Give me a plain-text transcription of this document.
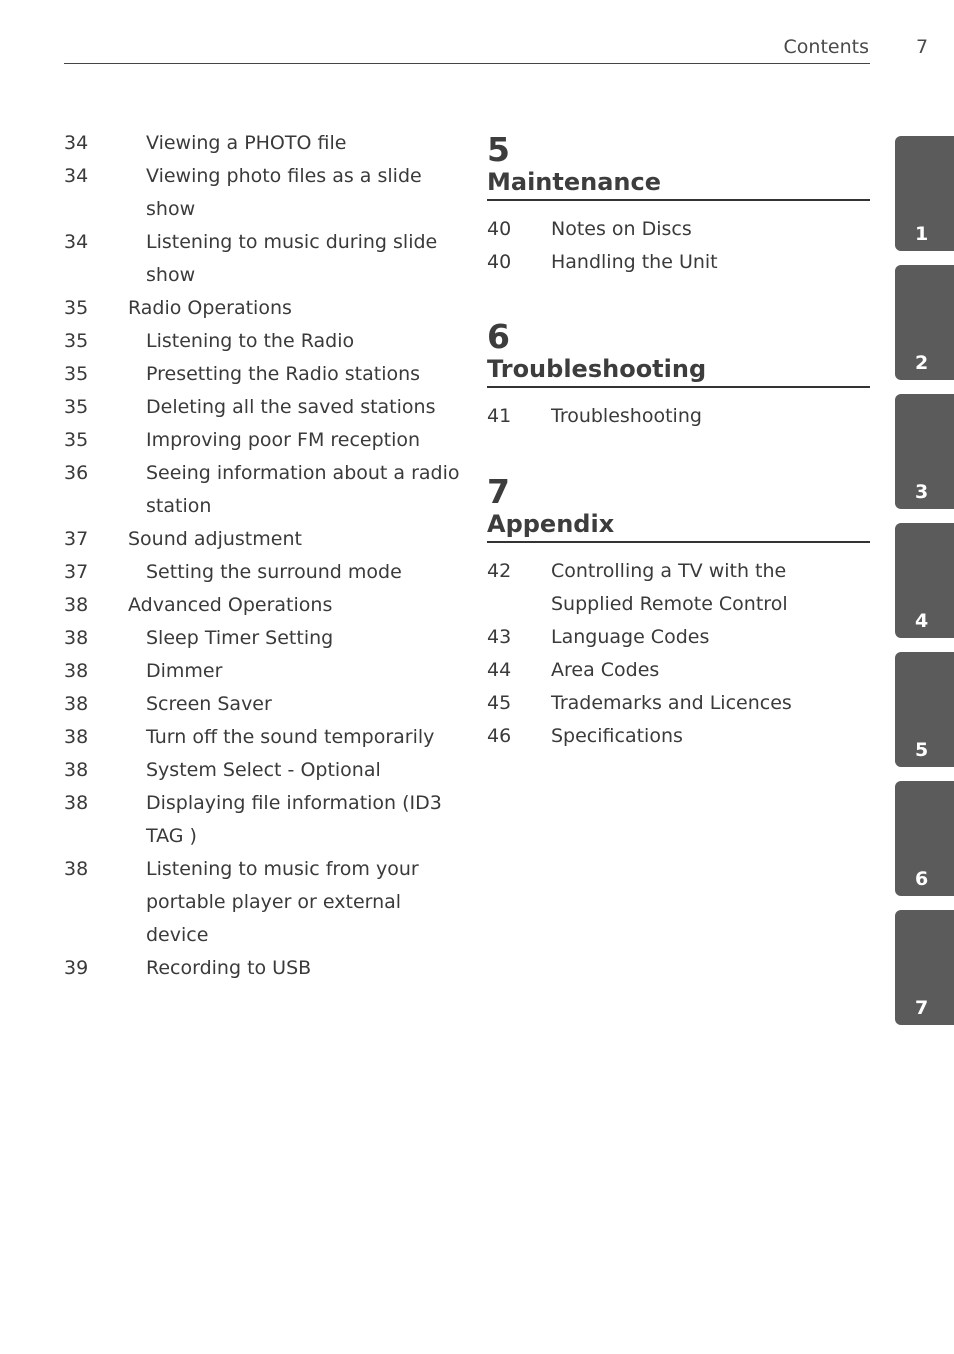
Contents 7
34	Viewing a PHOTO file
34	Viewing photo files as a slide show
34	Listening to music during slide show
35	Radio Operations
35	Listening to the Radio
35	Presetting the Radio stations
35	Deleting all the saved stations
35	Improving poor FM reception
36	Seeing information about a radio station
37	Sound adjustment
37	Setting the surround mode
38	Advanced Operations
38	Sleep Timer Setting
38	Dimmer
38	Screen Saver
38	Turn off the sound temporarily
38	System Select - Optional
38	Displaying file information (ID3 TAG )
38	Listening to music from your portable player or external device
39	Recording to USB
5
Maintenance
40	Notes on Discs
40	Handling the Unit
6
Troubleshooting
41	Troubleshooting
7
Appendix
42	Controlling a TV with the Supplied Remote Control
43	Language Codes
44	Area Codes
45	Trademarks and Licences
46	Specifications
1
2
3
4
5
6
7
